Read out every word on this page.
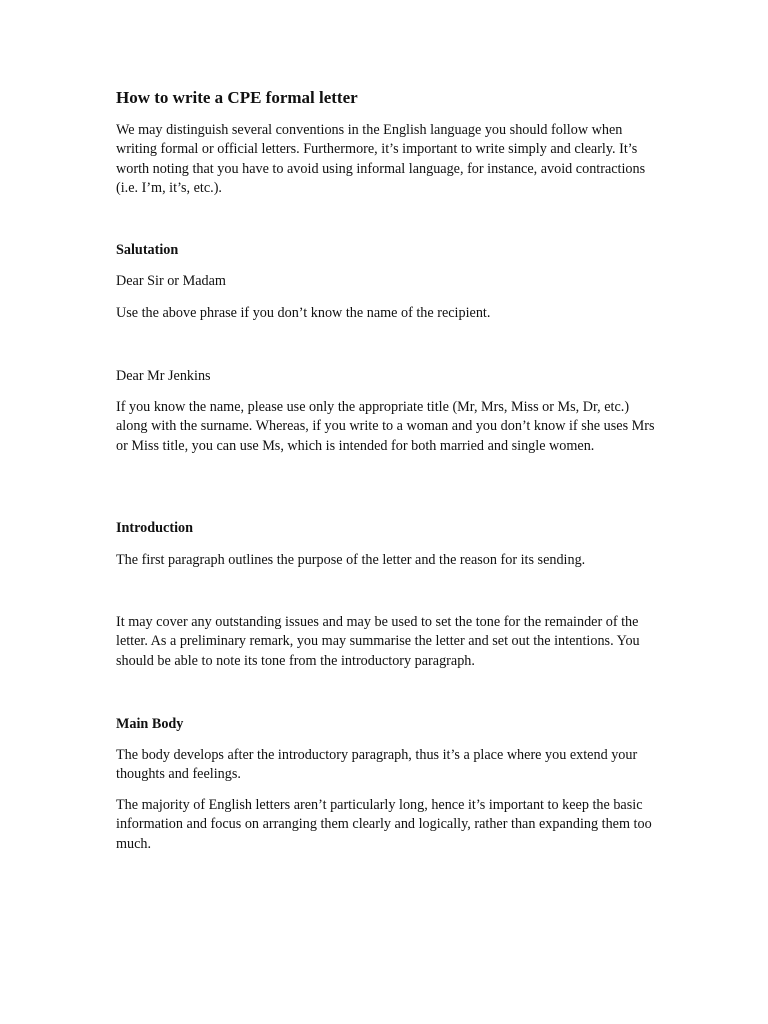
How to write a CPE formal letter

We may distinguish several conventions in the English language you should follow when writing formal or official letters. Furthermore, it’s important to write simply and clearly. It’s worth noting that you have to avoid using informal language, for instance, avoid contractions (i.e. I’m, it’s, etc.).

Salutation

Dear Sir or Madam

Use the above phrase if you don’t know the name of the recipient.

Dear Mr Jenkins

If you know the name, please use only the appropriate title (Mr, Mrs, Miss or Ms, Dr, etc.) along with the surname. Whereas, if you write to a woman and you don’t know if she uses Mrs or Miss title, you can use Ms, which is intended for both married and single women.

Introduction

The first paragraph outlines the purpose of the letter and the reason for its sending.

It may cover any outstanding issues and may be used to set the tone for the remainder of the letter. As a preliminary remark, you may summarise the letter and set out the intentions. You should be able to note its tone from the introductory paragraph.

Main Body

The body develops after the introductory paragraph, thus it’s a place where you extend your thoughts and feelings.

The majority of English letters aren’t particularly long, hence it’s important to keep the basic information and focus on arranging them clearly and logically, rather than expanding them too much.
